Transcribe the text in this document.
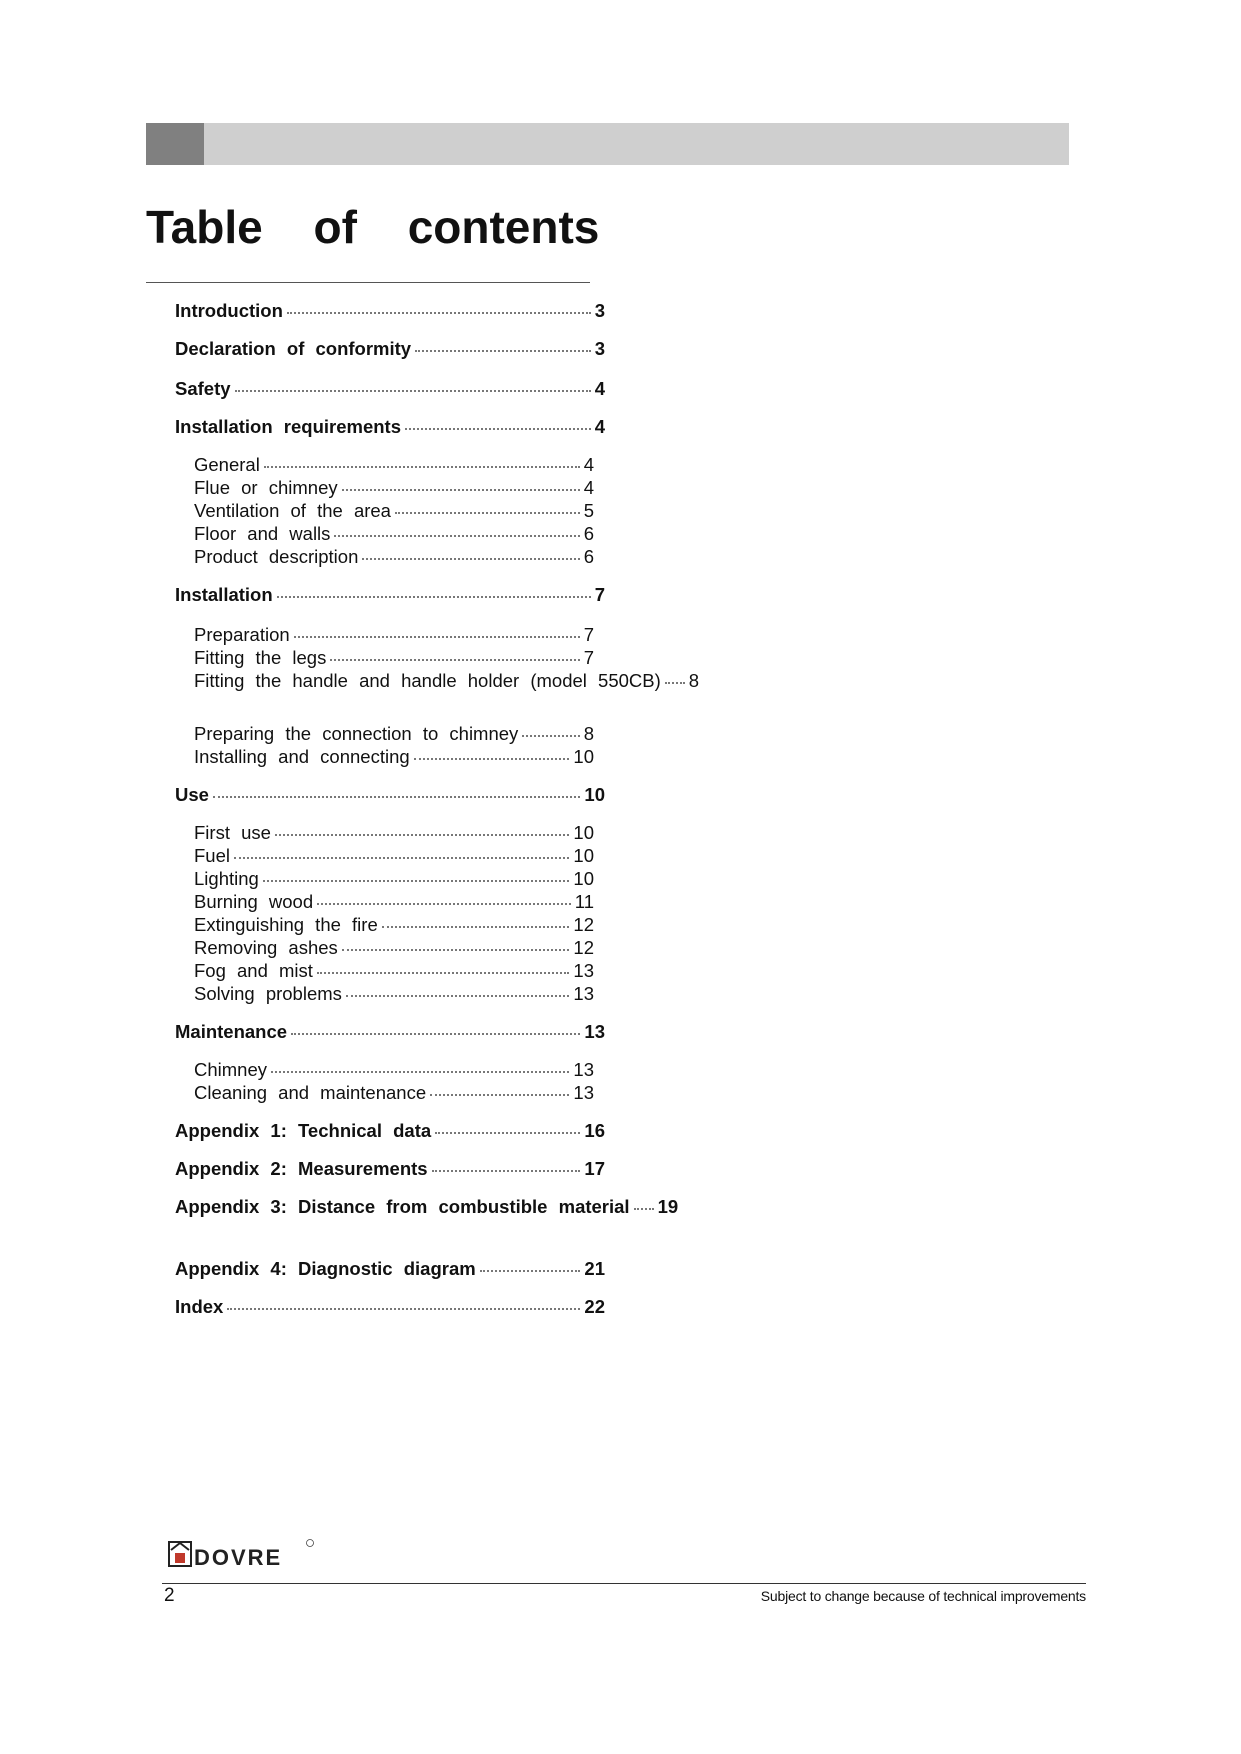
Table of contents
Introduction	3
Declaration of conformity	3
Safety	4
Installation requirements	4
General	4
Flue or chimney	4
Ventilation of the area	5
Floor and walls	6
Product description	6
Installation	7
Preparation	7
Fitting the legs	7
Fitting the handle and handle holder (model 550CB) 8
Preparing the connection to chimney	8
Installing and connecting	10
Use	10
First use	10
Fuel	10
Lighting	10
Burning wood	11
Extinguishing the fire	12
Removing ashes	12
Fog and mist	13
Solving problems	13
Maintenance	13
Chimney	13
Cleaning and maintenance	13
Appendix 1: Technical data	16
Appendix 2: Measurements	17
Appendix 3: Distance from combustible material 19
Appendix 4: Diagnostic diagram	21
Index	22
DOVRE
2	Subject to change because of technical improvements
